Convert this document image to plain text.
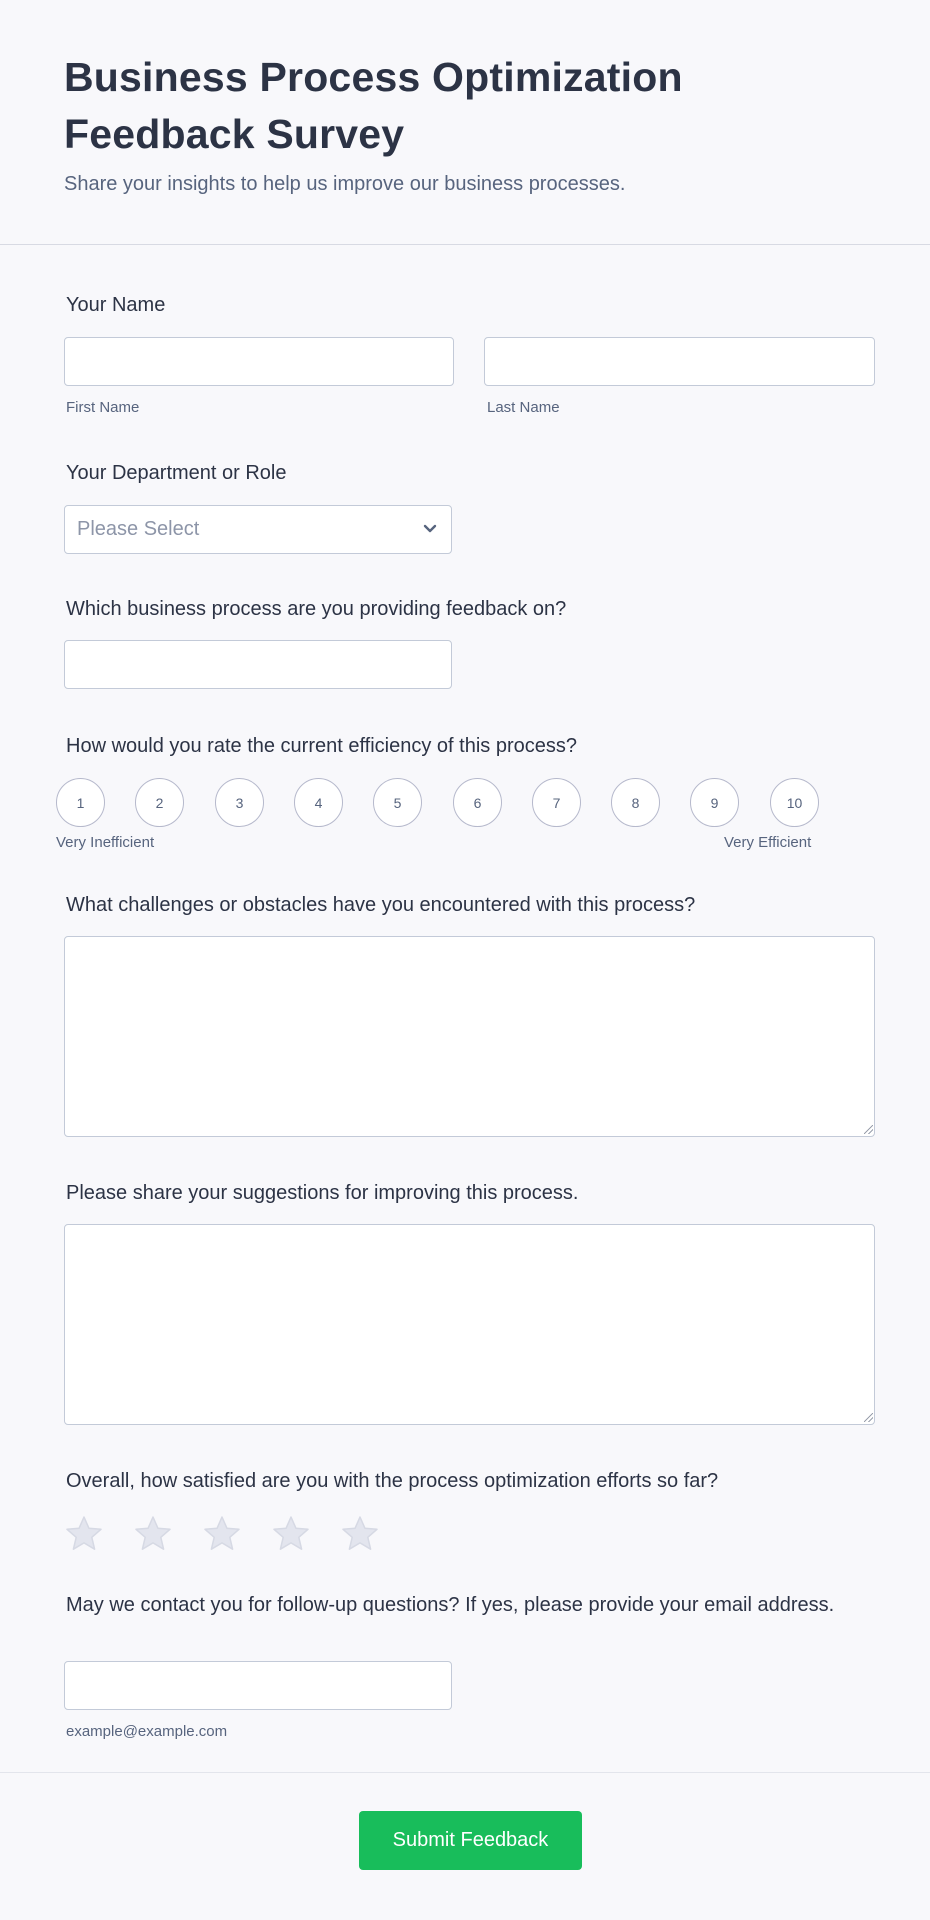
Business Process Optimization Feedback Survey
Share your insights to help us improve our business processes.
Your Name
First Name	Last Name
Your Department or Role
Please Select
Which business process are you providing feedback on?
How would you rate the current efficiency of this process?
1	2	3	4	5	6	7	8	9	10
Very Inefficient	Very Efficient
What challenges or obstacles have you encountered with this process?
Please share your suggestions for improving this process.
Overall, how satisfied are you with the process optimization efforts so far?
May we contact you for follow-up questions? If yes, please provide your email address.
example@example.com
Submit Feedback
